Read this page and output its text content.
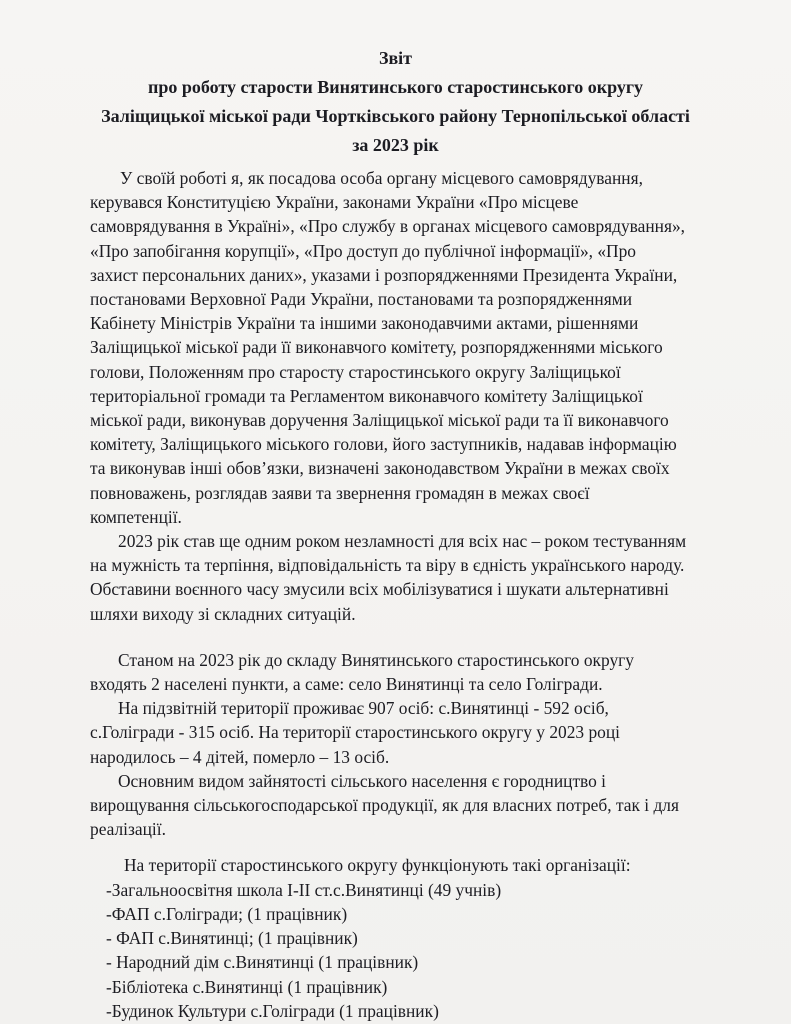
Звіт
про роботу старости Винятинського старостинського округу
Заліщицької міської ради Чортківського району Тернопільської області
за 2023 рік
У своїй роботі я, як посадова особа органу місцевого самоврядування,
керувався Конституцією України, законами України «Про місцеве
самоврядування в Україні», «Про службу в органах місцевого самоврядування»,
«Про запобігання корупції», «Про доступ до публічної інформації», «Про
захист персональних даних», указами і розпорядженнями Президента України,
постановами Верховної Ради України, постановами та розпорядженнями
Кабінету Міністрів України та іншими законодавчими актами, рішеннями
Заліщицької міської ради її виконавчого комітету, розпорядженнями міського
голови, Положенням про старосту старостинського округу Заліщицької
територіальної громади та Регламентом виконавчого комітету Заліщицької
міської ради, виконував доручення Заліщицької міської ради та її виконавчого
комітету, Заліщицького міського голови, його заступників, надавав інформацію
та виконував інші обов’язки, визначені законодавством України в межах своїх
повноважень, розглядав заяви та звернення громадян в межах своєї
компетенції.
2023 рік став ще одним роком незламності для всіх нас – роком тестуванням
на мужність та терпіння, відповідальність та віру в єдність українського народу.
Обставини воєнного часу змусили всіх мобілізуватися і шукати альтернативні
шляхи виходу зі складних ситуацій.
Станом на 2023 рік до складу Винятинського старостинського округу
входять 2 населені пункти, а саме: село Винятинці та село Голігради.
На підзвітній території проживає 907 осіб: с.Винятинці - 592 осіб,
с.Голігради - 315 осіб. На території старостинського округу у 2023 році
народилось – 4 дітей, померло – 13 осіб.
Основним видом зайнятості сільського населення є городництво і
вирощування сільськогосподарської продукції, як для власних потреб, так і для
реалізації.
На території старостинського округу функціонують такі організації:
-Загальноосвітня школа І-ІІ ст.с.Винятинці (49 учнів)
-ФАП с.Голігради; (1 працівник)
- ФАП с.Винятинці; (1 працівник)
- Народний дім с.Винятинці (1 працівник)
-Бібліотека с.Винятинці (1 працівник)
-Будинок Культури с.Голігради (1 працівник)
